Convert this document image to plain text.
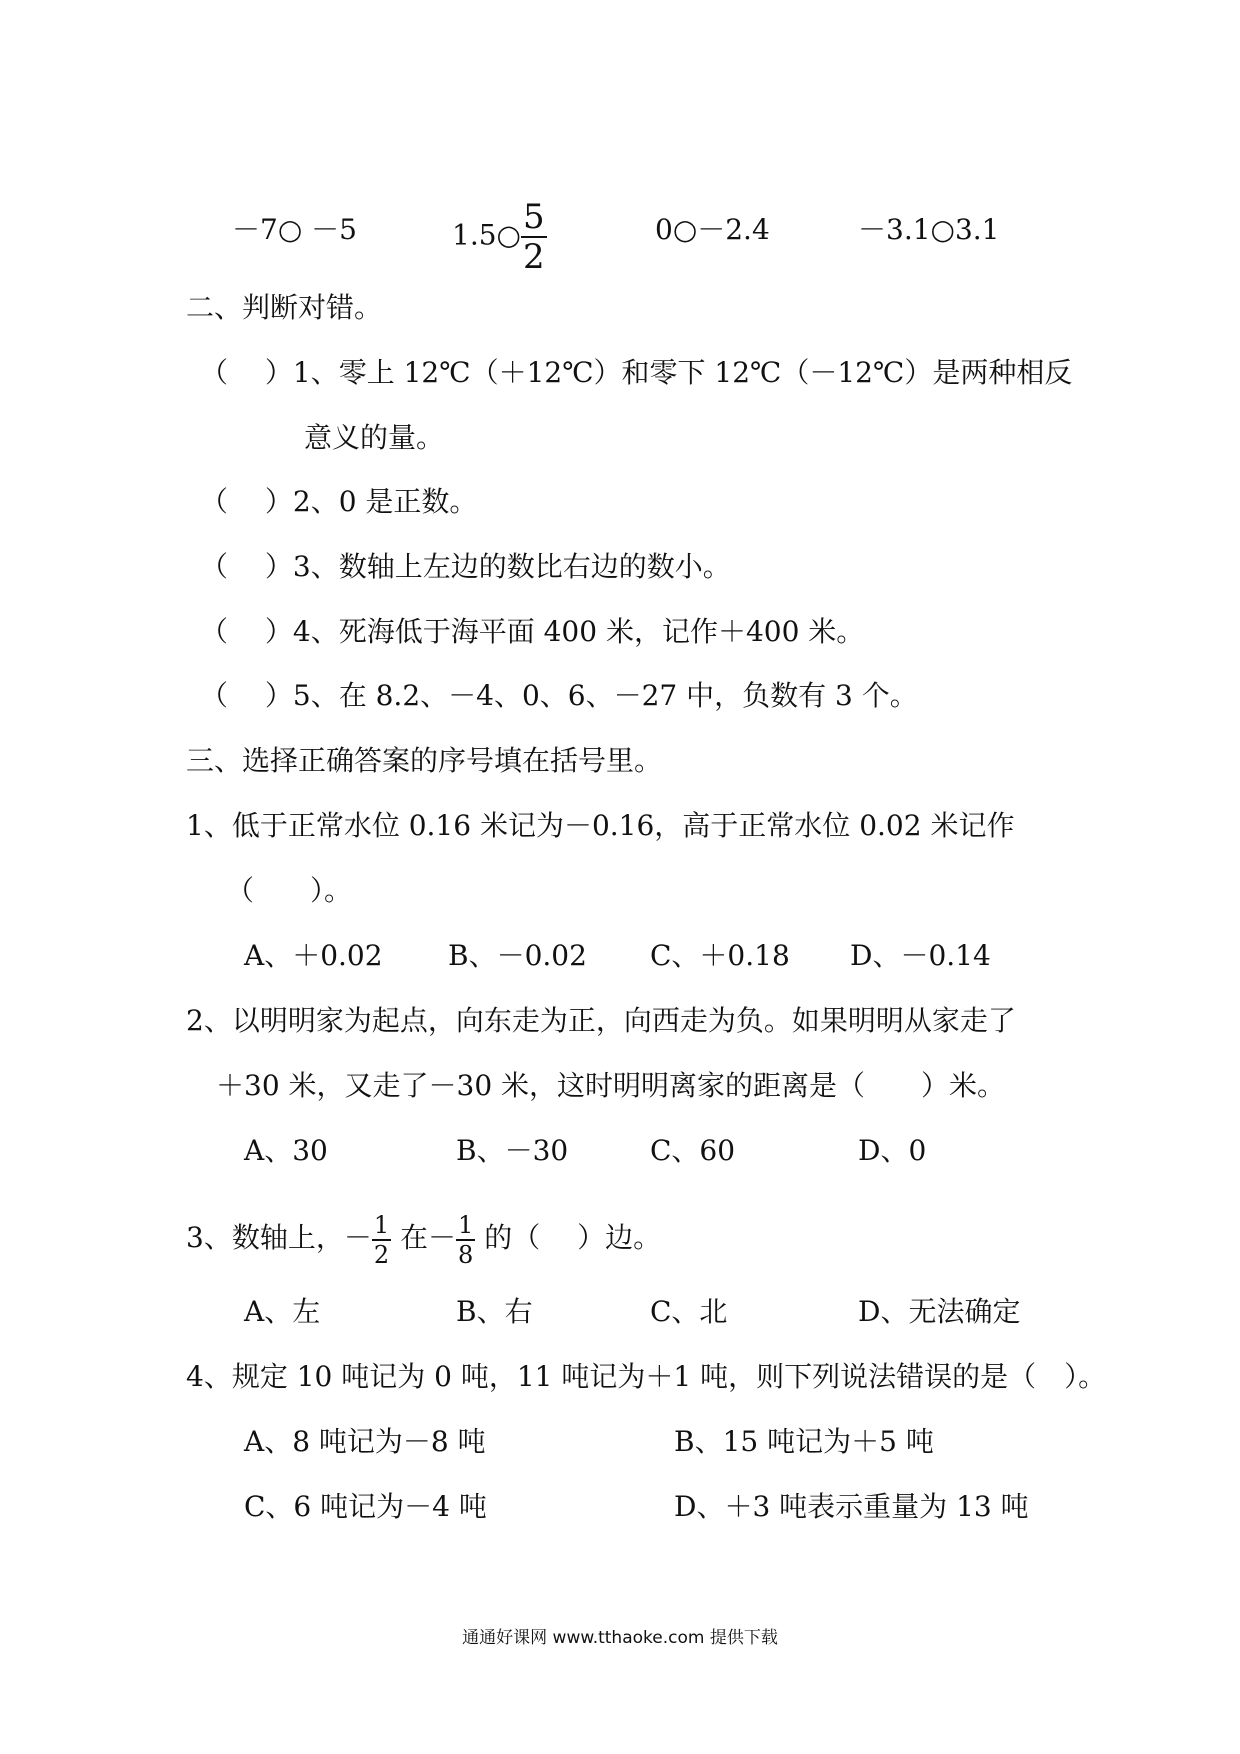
－7○ －5	1.5○ $\frac{5}{2}$	0○－2.4	－3.1○3.1
二、判断对错。
（　 ）1、零上 12℃（＋12℃）和零下 12℃（－12℃）是两种相反
意义的量。
（　 ）2、0 是正数。
（　 ）3、数轴上左边的数比右边的数小。
（　 ）4、死海低于海平面 400 米，记作＋400 米。
（　 ）5、在 8.2、－4、0、6、－27 中，负数有 3 个。
三、选择正确答案的序号填在括号里。
1、低于正常水位 0.16 米记为－0.16，高于正常水位 0.02 米记作
（　　）。
A、＋0.02 B、－0.02 C、＋0.18 D、－0.14
2、以明明家为起点，向东走为正，向西走为负。如果明明从家走了
＋30 米，又走了－30 米，这时明明离家的距离是（　　）米。
A、30	B、－30	C、60	D、0
3、数轴上，－ $\frac{1}{2}$ 在－ $\frac{1}{8}$ 的（　 ）边。
A、左	B、右	C、北	D、无法确定
4、规定 10 吨记为 0 吨，11 吨记为＋1 吨，则下列说法错误的是（　）。
A、8 吨记为－8 吨	B、15 吨记为＋5 吨
C、6 吨记为－4 吨	D、＋3 吨表示重量为 13 吨
通通好课网 www.tthaoke.com 提供下载
